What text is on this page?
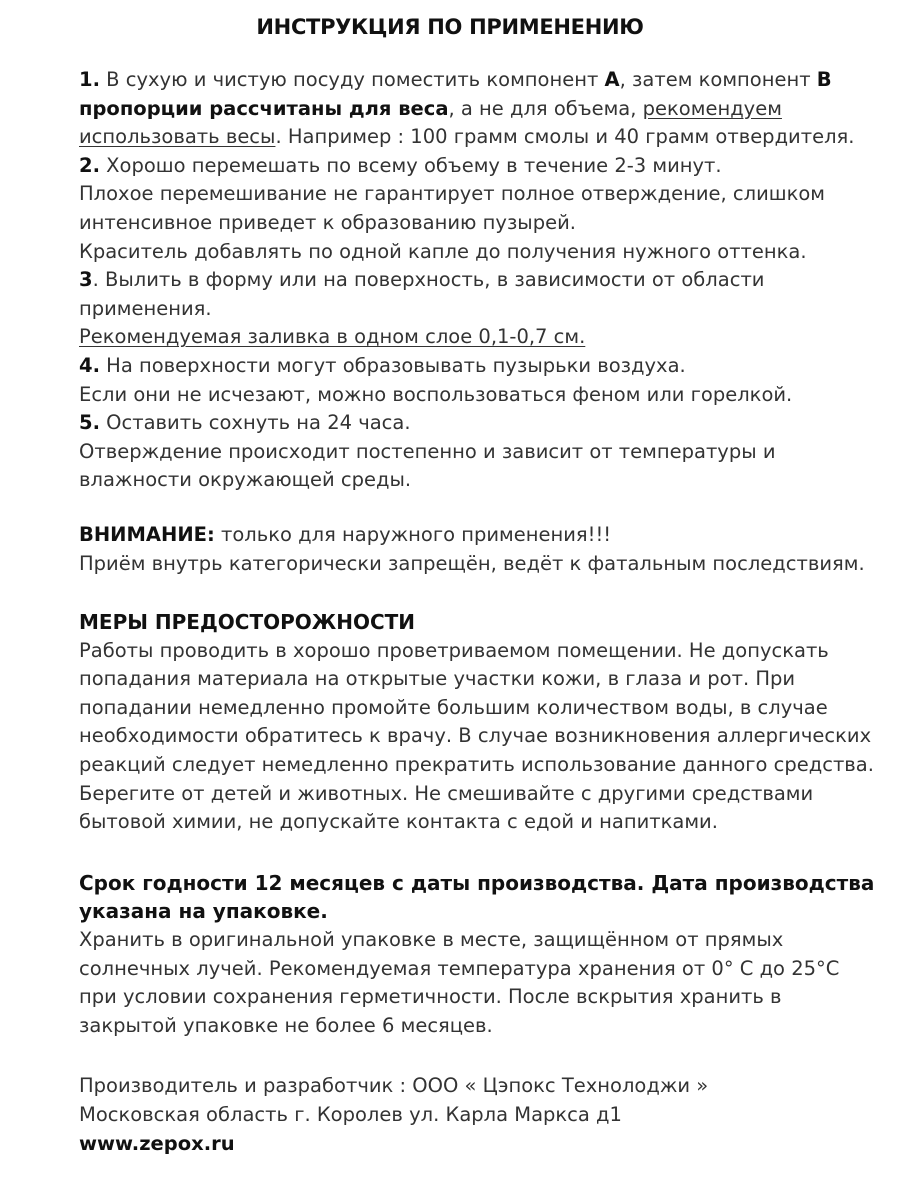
ИНСТРУКЦИЯ ПО ПРИМЕНЕНИЮ

1. В сухую и чистую посуду поместить компонент А, затем компонент В пропорции рассчитаны для веса, а не для объема, рекомендуем использовать весы. Например : 100 грамм смолы и 40 грамм отвердителя.

2. Хорошо перемешать по всему объему в течение 2-3 минут.

Плохое перемешивание не гарантирует полное отверждение, слишком интенсивное приведет к образованию пузырей.

Краситель добавлять по одной капле до получения нужного оттенка.

3. Вылить в форму или на поверхность, в зависимости от области применения.

Рекомендуемая заливка в одном слое 0,1-0,7 см.

4. На поверхности могут образовывать пузырьки воздуха.

Если они не исчезают, можно воспользоваться феном или горелкой.

5. Оставить сохнуть на 24 часа.

Отверждение происходит постепенно и зависит от температуры и влажности окружающей среды.

ВНИМАНИЕ: только для наружного применения!!!

Приём внутрь категорически запрещён, ведёт к фатальным последствиям.

МЕРЫ ПРЕДОСТОРОЖНОСТИ

Работы проводить в хорошо проветриваемом помещении. Не допускать попадания материала на открытые участки кожи, в глаза и рот. При попадании немедленно промойте большим количеством воды, в случае необходимости обратитесь к врачу. В случае возникновения аллергических реакций следует немедленно прекратить использование данного средства. Берегите от детей и животных. Не смешивайте с другими средствами бытовой химии, не допускайте контакта с едой и напитками.

Срок годности 12 месяцев с даты производства. Дата производства указана на упаковке.

Хранить в оригинальной упаковке в месте, защищённом от прямых солнечных лучей. Рекомендуемая температура хранения от 0° С до 25°С при условии сохранения герметичности. После вскрытия хранить в закрытой упаковке не более 6 месяцев.

Производитель и разработчик : ООО « Цэпокс Технолоджи »

Московская область г. Королев ул. Карла Маркса д1

www.zepox.ru
